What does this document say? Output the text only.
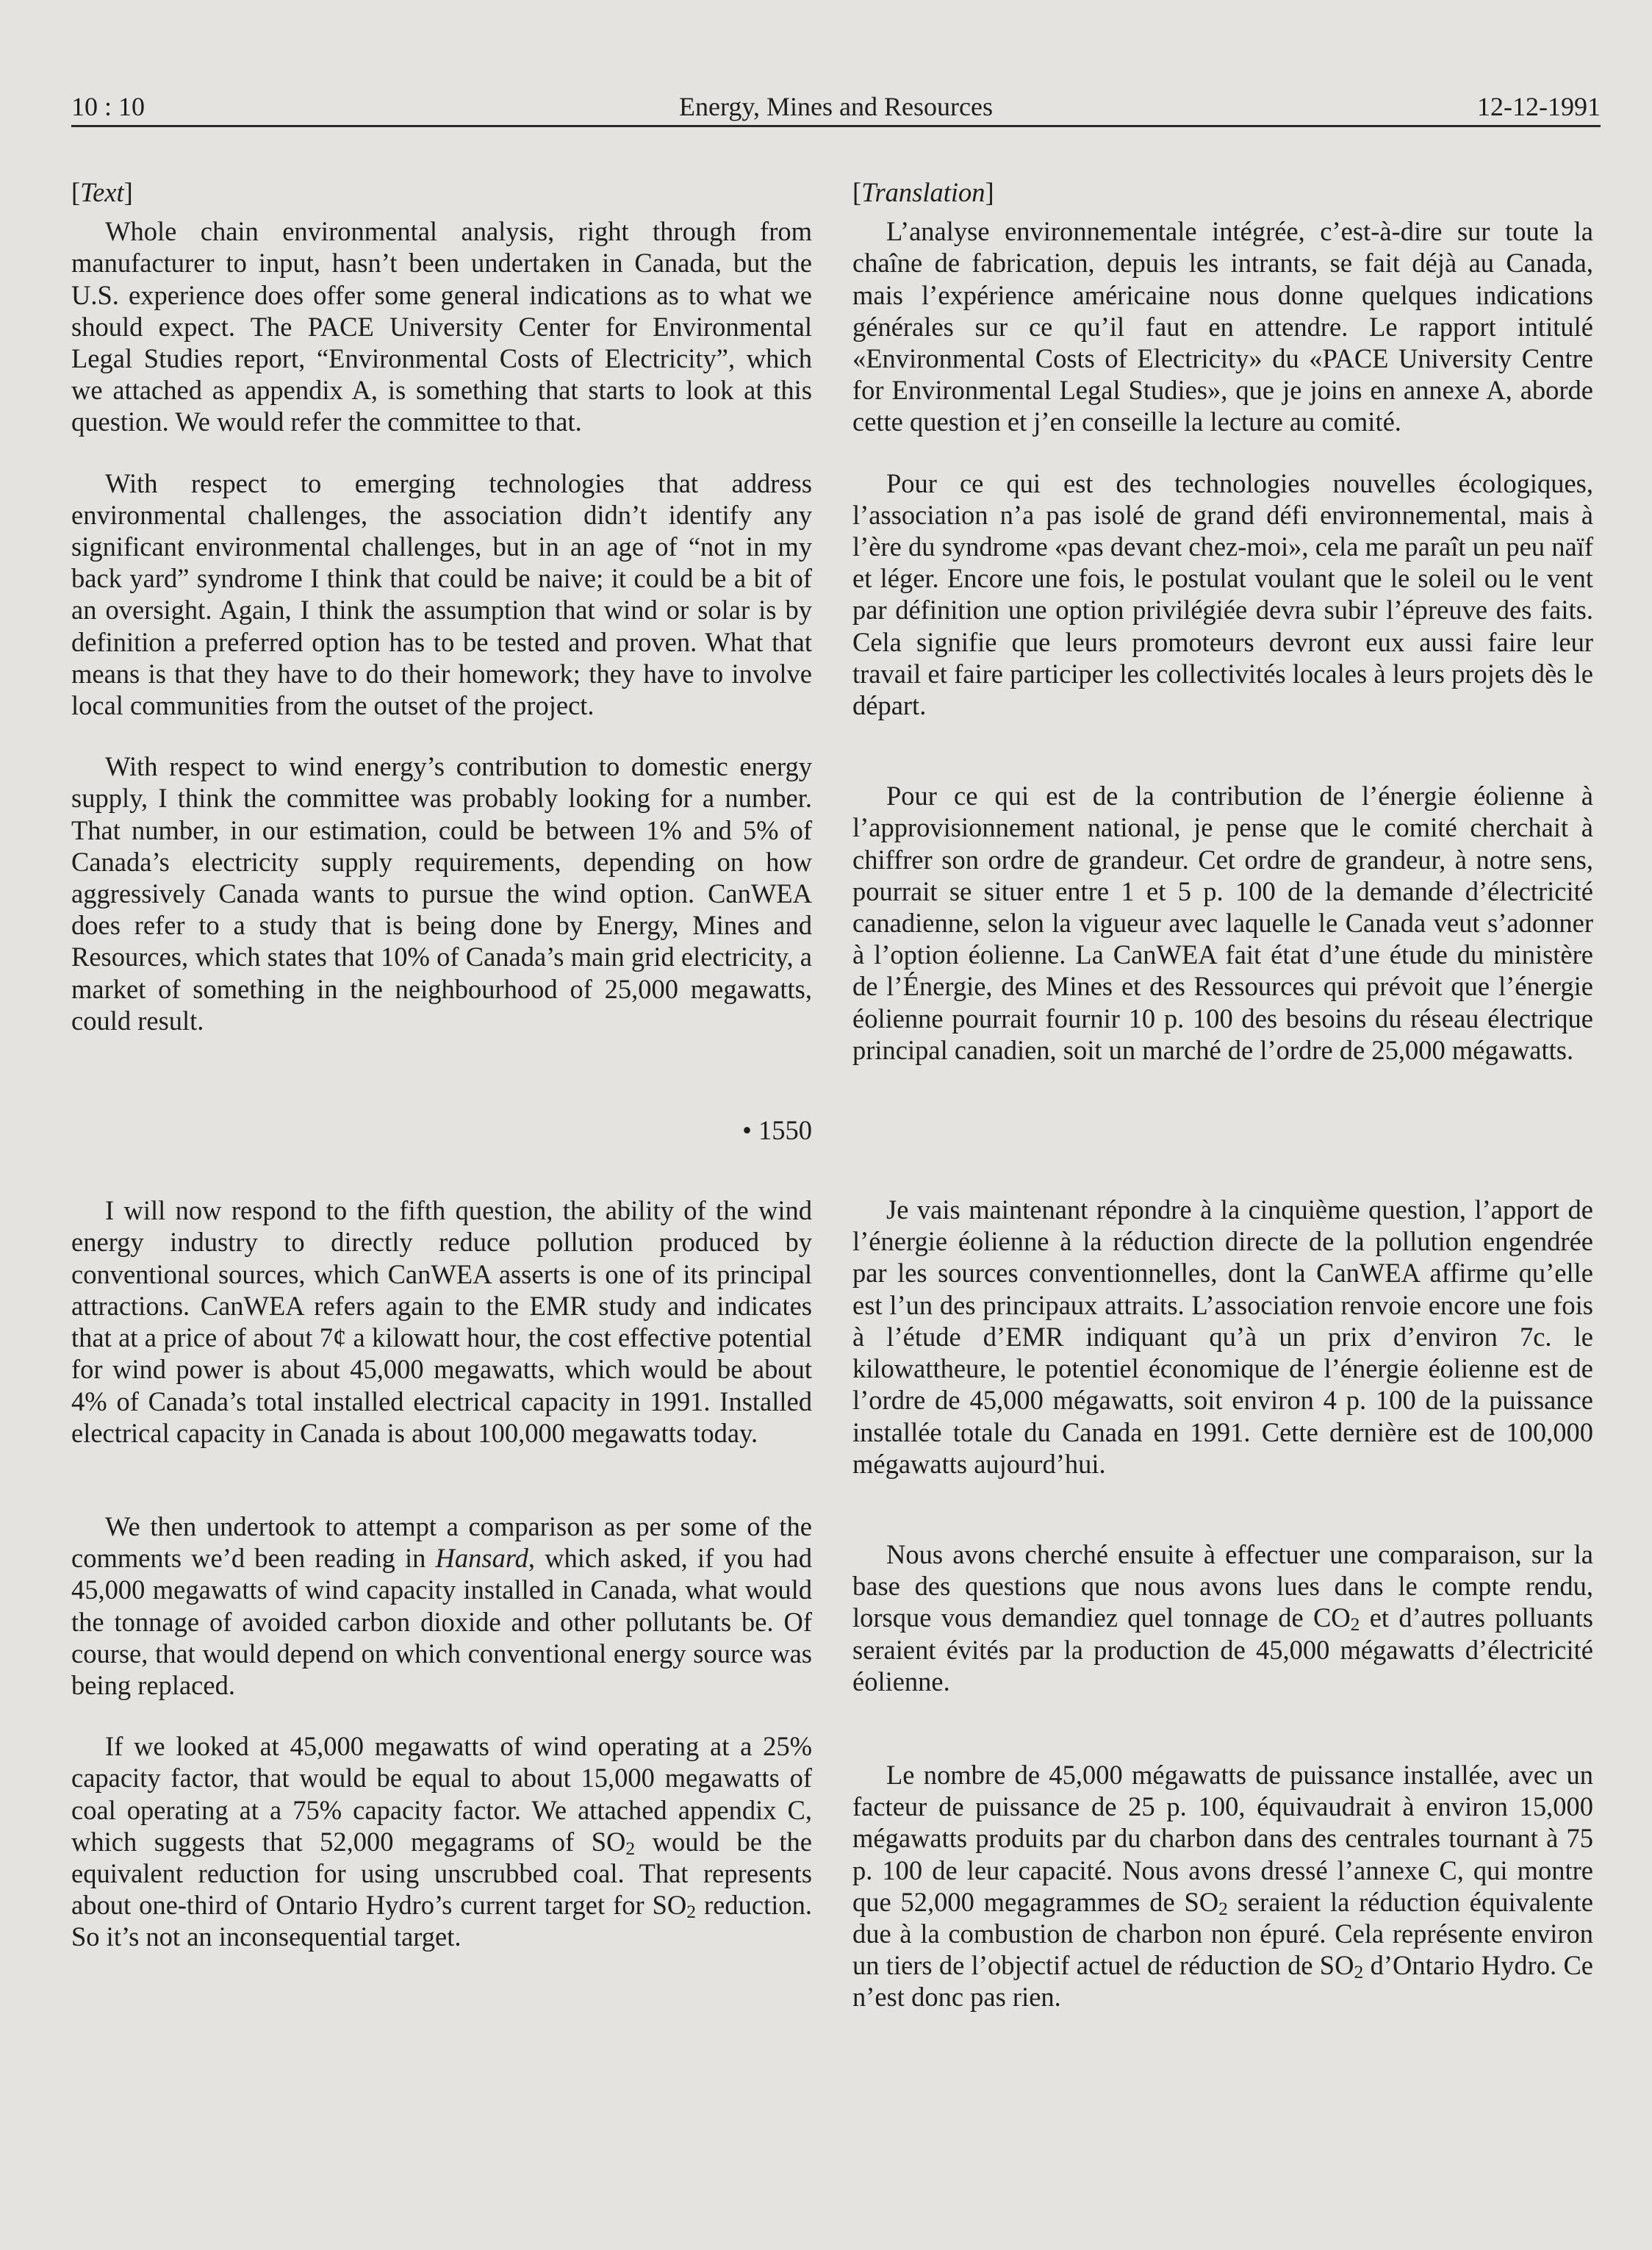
10 : 10	Energy, Mines and Resources	12-12-1991
[Text]

Whole chain environmental analysis, right through from manufacturer to input, hasn’t been undertaken in Canada, but the U.S. experience does offer some general indications as to what we should expect. The PACE University Center for Environmental Legal Studies report, “Environmental Costs of Electricity”, which we attached as appendix A, is something that starts to look at this question. We would refer the committee to that.

With respect to emerging technologies that address environmental challenges, the association didn’t identify any significant environmental challenges, but in an age of “not in my back yard” syndrome I think that could be naive; it could be a bit of an oversight. Again, I think the assumption that wind or solar is by definition a preferred option has to be tested and proven. What that means is that they have to do their homework; they have to involve local communities from the outset of the project.

With respect to wind energy’s contribution to domestic energy supply, I think the committee was probably looking for a number. That number, in our estimation, could be between 1% and 5% of Canada’s electricity supply requirements, depending on how aggressively Canada wants to pursue the wind option. CanWEA does refer to a study that is being done by Energy, Mines and Resources, which states that 10% of Canada’s main grid electricity, a market of something in the neighbourhood of 25,000 megawatts, could result.

• 1550

I will now respond to the fifth question, the ability of the wind energy industry to directly reduce pollution produced by conventional sources, which CanWEA asserts is one of its principal attractions. CanWEA refers again to the EMR study and indicates that at a price of about 7¢ a kilowatt hour, the cost effective potential for wind power is about 45,000 megawatts, which would be about 4% of Canada’s total installed electrical capacity in 1991. Installed electrical capacity in Canada is about 100,000 megawatts today.

We then undertook to attempt a comparison as per some of the comments we’d been reading in Hansard, which asked, if you had 45,000 megawatts of wind capacity installed in Canada, what would the tonnage of avoided carbon dioxide and other pollutants be. Of course, that would depend on which conventional energy source was being replaced.

If we looked at 45,000 megawatts of wind operating at a 25% capacity factor, that would be equal to about 15,000 megawatts of coal operating at a 75% capacity factor. We attached appendix C, which suggests that 52,000 megagrams of $SO_2$ would be the equivalent reduction for using unscrubbed coal. That represents about one-third of Ontario Hydro’s current target for $SO_2$ reduction. So it’s not an inconsequential target.

[Translation]

L’analyse environnementale intégrée, c’est-à-dire sur toute la chaîne de fabrication, depuis les intrants, se fait déjà au Canada, mais l’expérience américaine nous donne quelques indications générales sur ce qu’il faut en attendre. Le rapport intitulé «Environmental Costs of Electricity» du «PACE University Centre for Environmental Legal Studies», que je joins en annexe A, aborde cette question et j’en conseille la lecture au comité.

Pour ce qui est des technologies nouvelles écologiques, l’association n’a pas isolé de grand défi environnemental, mais à l’ère du syndrome «pas devant chez-moi», cela me paraît un peu naïf et léger. Encore une fois, le postulat voulant que le soleil ou le vent par définition une option privilégiée devra subir l’épreuve des faits. Cela signifie que leurs promoteurs devront eux aussi faire leur travail et faire participer les collectivités locales à leurs projets dès le départ.

Pour ce qui est de la contribution de l’énergie éolienne à l’approvisionnement national, je pense que le comité cherchait à chiffrer son ordre de grandeur. Cet ordre de grandeur, à notre sens, pourrait se situer entre 1 et 5 p. 100 de la demande d’électricité canadienne, selon la vigueur avec laquelle le Canada veut s’adonner à l’option éolienne. La CanWEA fait état d’une étude du ministère de l’Énergie, des Mines et des Ressources qui prévoit que l’énergie éolienne pourrait fournir 10 p. 100 des besoins du réseau électrique principal canadien, soit un marché de l’ordre de 25,000 mégawatts.

Je vais maintenant répondre à la cinquième question, l’apport de l’énergie éolienne à la réduction directe de la pollution engendrée par les sources conventionnelles, dont la CanWEA affirme qu’elle est l’un des principaux attraits. L’association renvoie encore une fois à l’étude d’EMR indiquant qu’à un prix d’environ 7c. le kilowattheure, le potentiel économique de l’énergie éolienne est de l’ordre de 45,000 mégawatts, soit environ 4 p. 100 de la puissance installée totale du Canada en 1991. Cette dernière est de 100,000 mégawatts aujourd’hui.

Nous avons cherché ensuite à effectuer une comparaison, sur la base des questions que nous avons lues dans le compte rendu, lorsque vous demandiez quel tonnage de $CO_2$ et d’autres polluants seraient évités par la production de 45,000 mégawatts d’électricité éolienne.

Le nombre de 45,000 mégawatts de puissance installée, avec un facteur de puissance de 25 p. 100, équivaudrait à environ 15,000 mégawatts produits par du charbon dans des centrales tournant à 75 p. 100 de leur capacité. Nous avons dressé l’annexe C, qui montre que 52,000 megagrammes de $SO_2$ seraient la réduction équivalente due à la combustion de charbon non épuré. Cela représente environ un tiers de l’objectif actuel de réduction de $SO_2$ d’Ontario Hydro. Ce n’est donc pas rien.
